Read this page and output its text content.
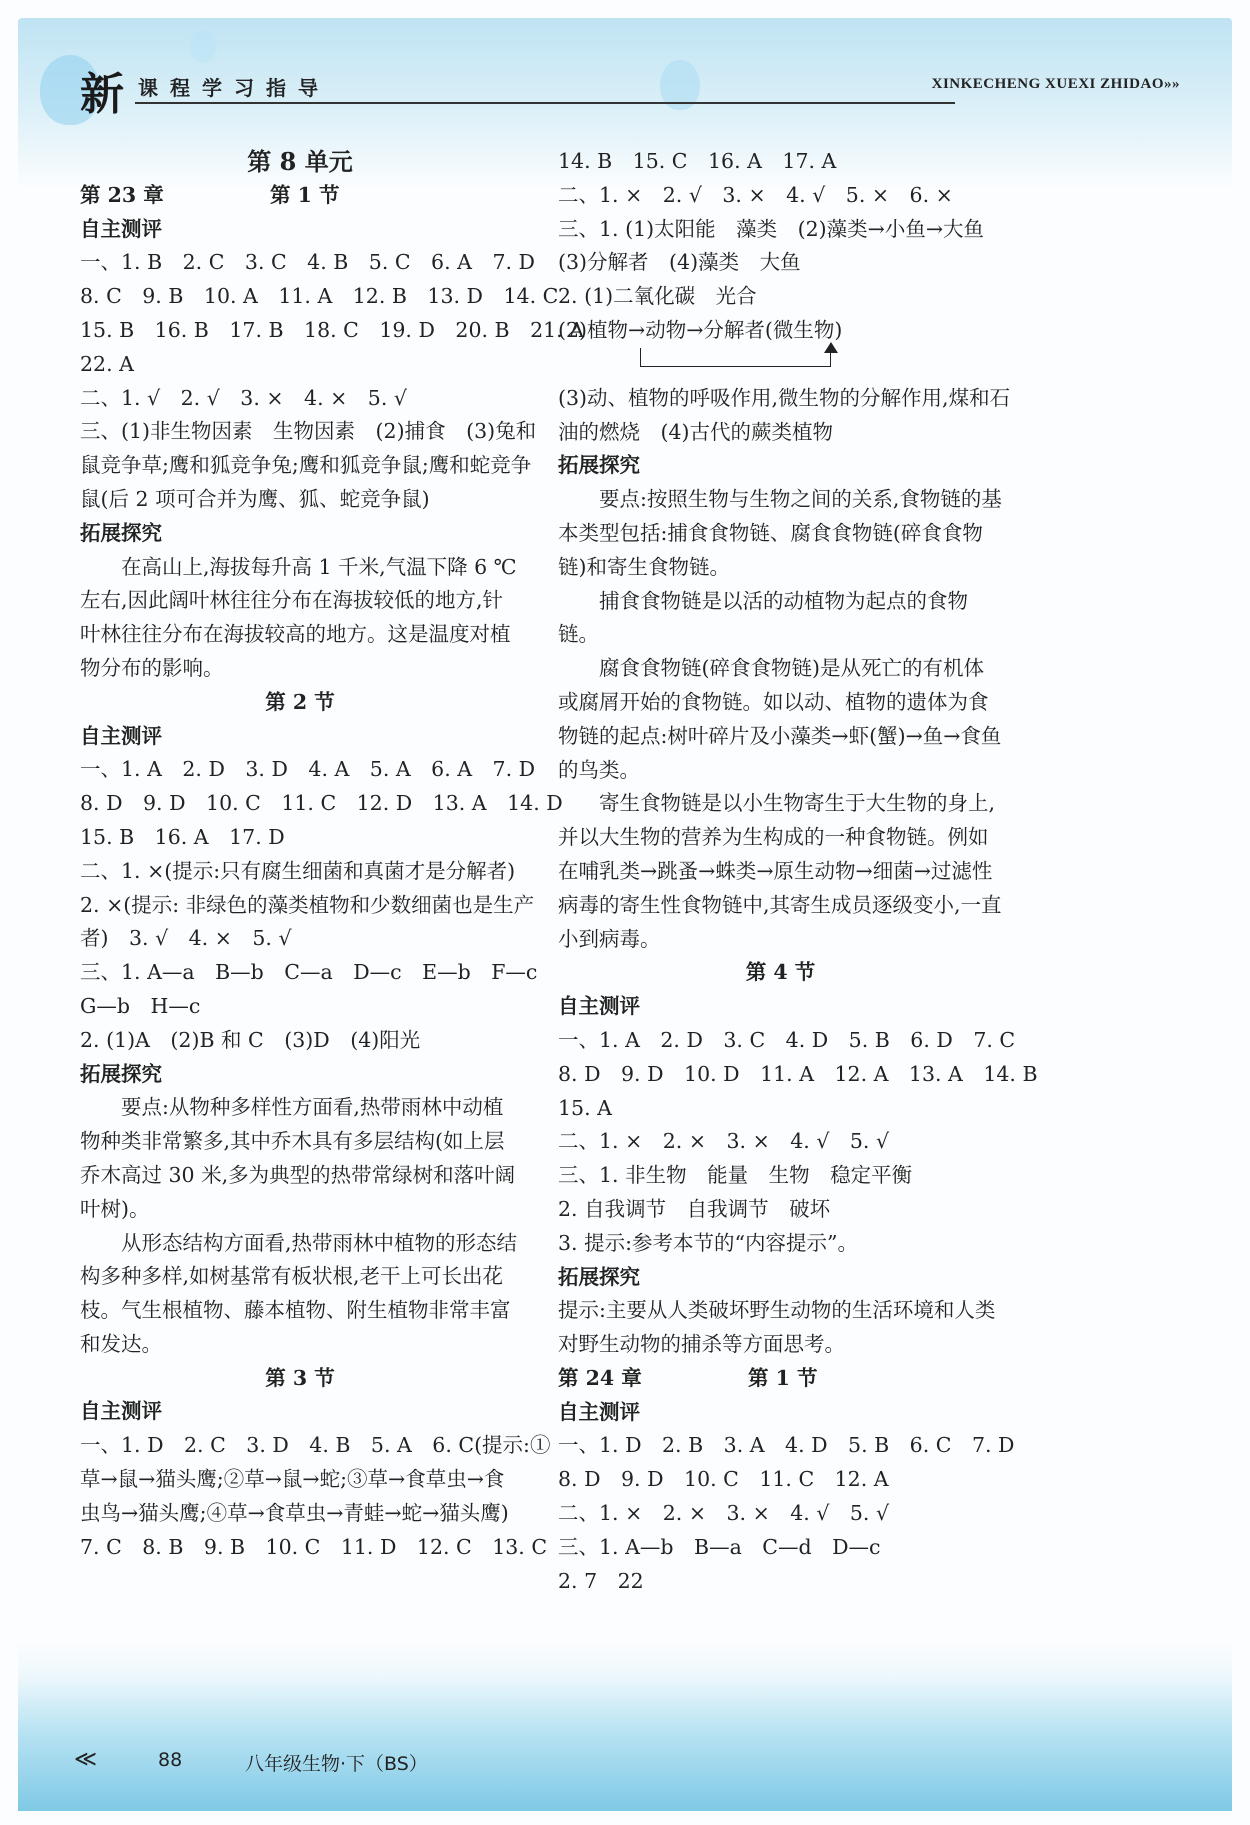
新 课程学习指导	XINKECHENG XUEXI ZHIDAO»»
第 8 单元
第 23 章	第 1 节
自主测评
一、1. B　2. C　3. C　4. B　5. C　6. A　7. D
8. C　9. B　10. A　11. A　12. B　13. D　14. C
15. B　16. B　17. B　18. C　19. D　20. B　21. A
22. A
二、1. √　2. √　3. ×　4. ×　5. √
三、(1)非生物因素　生物因素　(2)捕食　(3)兔和
鼠竞争草;鹰和狐竞争兔;鹰和狐竞争鼠;鹰和蛇竞争
鼠(后 2 项可合并为鹰、狐、蛇竞争鼠)
拓展探究
在高山上,海拔每升高 1 千米,气温下降 6 ℃左右,因此阔叶林往往分布在海拔较低的地方,针叶林往往分布在海拔较高的地方。这是温度对植物分布的影响。
第 2 节
自主测评
一、1. A　2. D　3. D　4. A　5. A　6. A　7. D
8. D　9. D　10. C　11. C　12. D　13. A　14. D
15. B　16. A　17. D
二、1. ×(提示:只有腐生细菌和真菌才是分解者)
2. ×(提示: 非绿色的藻类植物和少数细菌也是生产
者)　3. √　4. ×　5. √
三、1. A—a　B—b　C—a　D—c　E—b　F—c
G—b　H—c
2. (1)A　(2)B 和 C　(3)D　(4)阳光
拓展探究
要点:从物种多样性方面看,热带雨林中动植物种类非常繁多,其中乔木具有多层结构(如上层乔木高过 30 米,多为典型的热带常绿树和落叶阔叶树)。
从形态结构方面看,热带雨林中植物的形态结构多种多样,如树基常有板状根,老干上可长出花枝。气生根植物、藤本植物、附生植物非常丰富和发达。
第 3 节
自主测评
一、1. D　2. C　3. D　4. B　5. A　6. C(提示:①
草→鼠→猫头鹰;②草→鼠→蛇;③草→食草虫→食
虫鸟→猫头鹰;④草→食草虫→青蛙→蛇→猫头鹰)
7. C　8. B　9. B　10. C　11. D　12. C　13. C
14. B　15. C　16. A　17. A
二、1. ×　2. √　3. ×　4. √　5. ×　6. ×
三、1. (1)太阳能　藻类　(2)藻类→小鱼→大鱼
(3)分解者　(4)藻类　大鱼
2. (1)二氧化碳　光合
(2)植物→动物→分解者(微生物)
(3)动、植物的呼吸作用,微生物的分解作用,煤和石
油的燃烧　(4)古代的蕨类植物
拓展探究
要点:按照生物与生物之间的关系,食物链的基本类型包括:捕食食物链、腐食食物链(碎食食物链)和寄生食物链。
捕食食物链是以活的动植物为起点的食物链。
腐食食物链(碎食食物链)是从死亡的有机体或腐屑开始的食物链。如以动、植物的遗体为食物链的起点:树叶碎片及小藻类→虾(蟹)→鱼→食鱼的鸟类。
寄生食物链是以小生物寄生于大生物的身上,并以大生物的营养为生构成的一种食物链。例如在哺乳类→跳蚤→蛛类→原生动物→细菌→过滤性病毒的寄生性食物链中,其寄生成员逐级变小,一直小到病毒。
第 4 节
自主测评
一、1. A　2. D　3. C　4. D　5. B　6. D　7. C
8. D　9. D　10. D　11. A　12. A　13. A　14. B
15. A
二、1. ×　2. ×　3. ×　4. √　5. √
三、1. 非生物　能量　生物　稳定平衡
2. 自我调节　自我调节　破坏
3. 提示:参考本节的“内容提示”。
拓展探究
提示:主要从人类破坏野生动物的生活环境和人类对野生动物的捕杀等方面思考。
第 24 章	第 1 节
自主测评
一、1. D　2. B　3. A　4. D　5. B　6. C　7. D
8. D　9. D　10. C　11. C　12. A
二、1. ×　2. ×　3. ×　4. √　5. √
三、1. A—b　B—a　C—d　D—c
2. 7　22
≪	88	八年级生物·下（BS）
